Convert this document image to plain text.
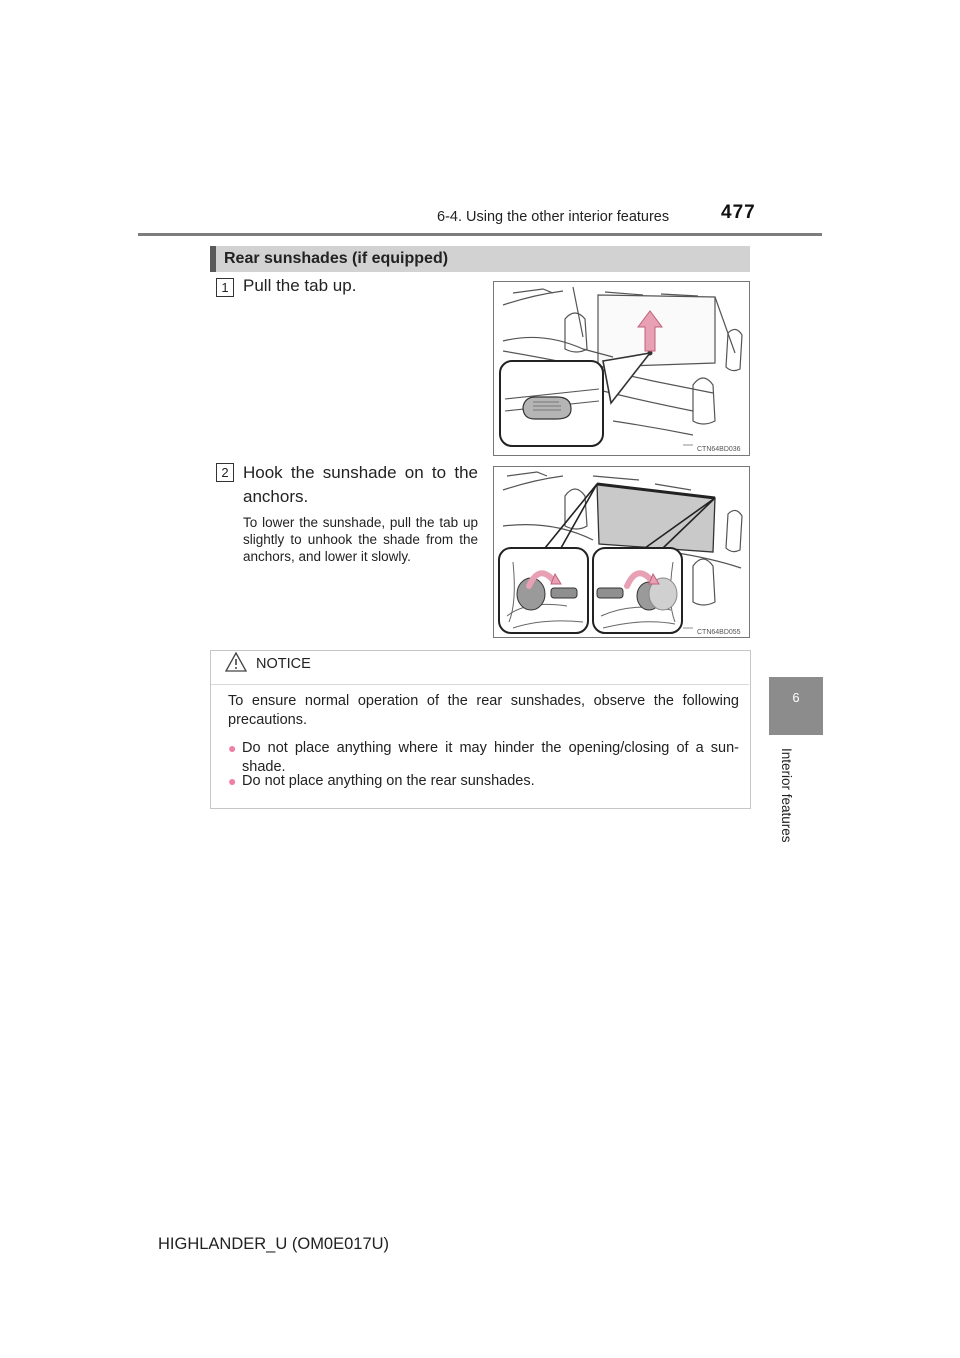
6-4. Using the other interior features	477
6
Interior features
Rear sunshades (if equipped)
1 Pull the tab up.
CTN64BD036
2 Hook the sunshade on to the anchors.
To lower the sunshade, pull the tab up slightly to unhook the shade from the anchors, and lower it slowly.
CTN64BD055
NOTICE
To ensure normal operation of the rear sunshades, observe the following precautions.
● Do not place anything where it may hinder the opening/closing of a sun-shade.
● Do not place anything on the rear sunshades.
HIGHLANDER_U (OM0E017U)
